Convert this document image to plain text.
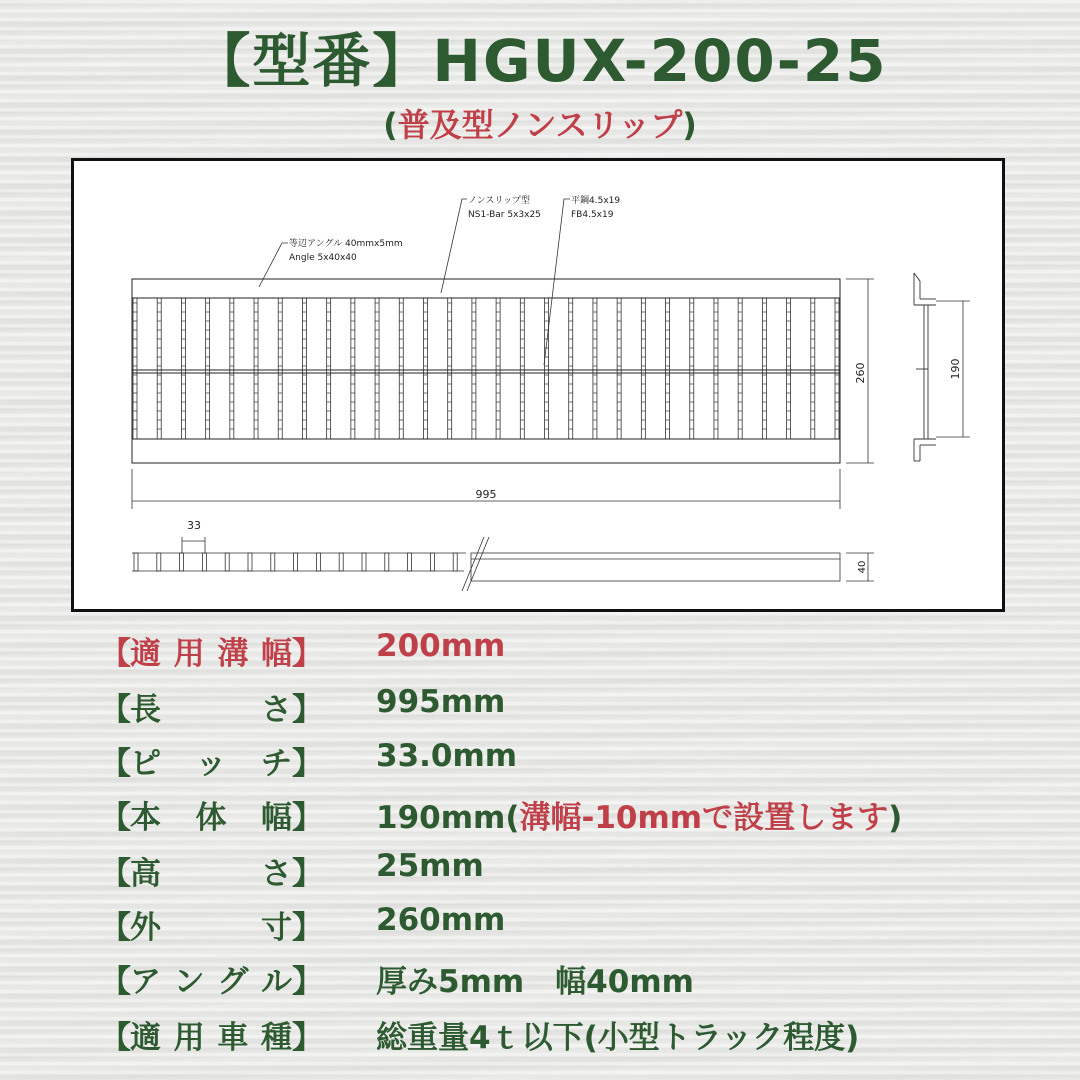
【型番】HGUX-200-25
(普及型ノンスリップ)
等辺アングル 40mmx5mm
Angle 5x40x40
ノンスリップ型
NS1-Bar 5x3x25
平鋼4.5x19
FB4.5x19
260
995
190
33
40
【 適 用 溝 幅 】 200mm
【 長	さ 】 995mm
【 ピ ッ チ 】 33.0mm
【 本 体 幅 】 190mm(溝幅-10mmで設置します)
【 高	さ 】 25mm
【 外	寸 】 260mm
【 ア ン グ ル 】 厚み5mm　幅40mm
【 適 用 車 種 】 総重量4ｔ以下(小型トラック程度)
